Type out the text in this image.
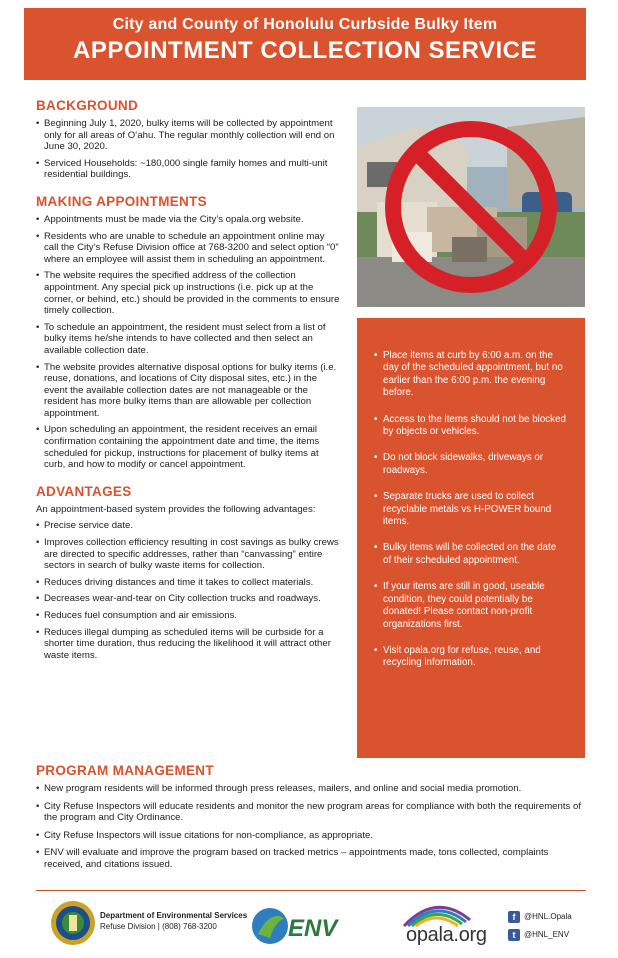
City and County of Honolulu Curbside Bulky Item
APPOINTMENT COLLECTION SERVICE
BACKGROUND
• Beginning July 1, 2020, bulky items will be collected by appointment only for all areas of O‘ahu. The regular monthly collection will end on June 30, 2020.
• Serviced Households: ~180,000 single family homes and multi-unit residential buildings.
MAKING APPOINTMENTS
• Appointments must be made via the City’s opala.org website.
• Residents who are unable to schedule an appointment online may call the City’s Refuse Division office at 768-3200 and select option “0” where an employee will assist them in scheduling an appointment.
• The website requires the specified address of the collection appointment. Any special pick up instructions (i.e. pick up at the corner, or behind, etc.) should be provided in the comments to ensure timely collection.
• To schedule an appointment, the resident must select from a list of bulky items he/she intends to have collected and then select an available collection date.
• The website provides alternative disposal options for bulky items (i.e. reuse, donations, and locations of City disposal sites, etc.) in the event the available collection dates are not manageable or the resident has more bulky items than are allowable per collection appointment.
• Upon scheduling an appointment, the resident receives an email confirmation containing the appointment date and time, the items scheduled for pickup, instructions for placement of bulky items at curb, and how to modify or cancel appointment.
ADVANTAGES

An appointment-based system provides the following advantages:

• Precise service date.
• Improves collection efficiency resulting in cost savings as bulky crews are directed to specific addresses, rather than “canvassing” entire sectors in search of bulky waste items for collection.
• Reduces driving distances and time it takes to collect materials.
• Decreases wear-and-tear on City collection trucks and roadways.
• Reduces fuel consumption and air emissions.
• Reduces illegal dumping as scheduled items will be curbside for a shorter time duration, thus reducing the likelihood it will attract other waste items.
• Place items at curb by 6:00 a.m. on the day of the scheduled appointment, but no earlier than the 6:00 p.m. the evening before.
• Access to the items should not be blocked by objects or vehicles.
• Do not block sidewalks, driveways or roadways.
• Separate trucks are used to collect recyclable metals vs H-POWER bound items.
• Bulky items will be collected on the date of their scheduled appointment.
• If your items are still in good, useable condition, they could potentially be donated! Please contact non-profit organizations first.
• Visit opala.org for refuse, reuse, and recycling information.
PROGRAM MANAGEMENT
• New program residents will be informed through press releases, mailers, and online and social media promotion.
• City Refuse Inspectors will educate residents and monitor the new program areas for compliance with both the requirements of the program and City Ordinance.
• City Refuse Inspectors will issue citations for non-compliance, as appropriate.
• ENV will evaluate and improve the program based on tracked metrics – appointments made, tons collected, complaints received, and citations issued.
Department of Environmental Services
Refuse Division | (808) 768-3200	ENV	opala.org
f	@HNL.Opala
t	@HNL_ENV
